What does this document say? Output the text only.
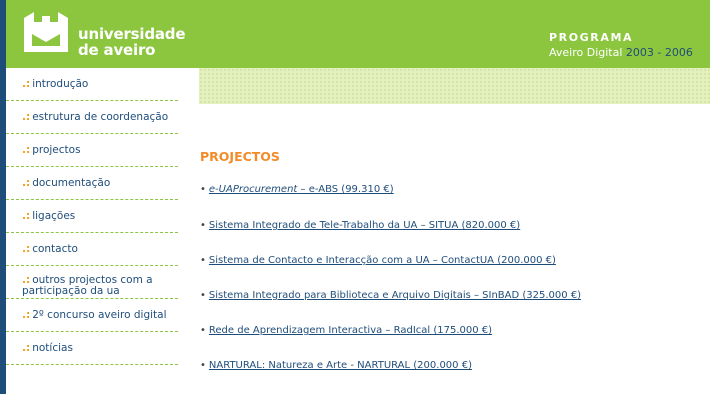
universidade
de aveiro
PROGRAMA
Aveiro Digital 2003 - 2006
.: introdução
.: estrutura de coordenação
.: projectos
.: documentação
.: ligações
.: contacto
.: outros projectos com a participação da ua
.: 2º concurso aveiro digital
.: notícias
PROJECTOS
• e-UAProcurement – e-ABS (99.310 €)
• Sistema Integrado de Tele-Trabalho da UA – SITUA (820.000 €)
• Sistema de Contacto e Interacção com a UA – ContactUA (200.000 €)
• Sistema Integrado para Biblioteca e Arquivo Digitais – SInBAD (325.000 €)
• Rede de Aprendizagem Interactiva – RadIcal (175.000 €)
• NARTURAL: Natureza e Arte - NARTURAL (200.000 €)
